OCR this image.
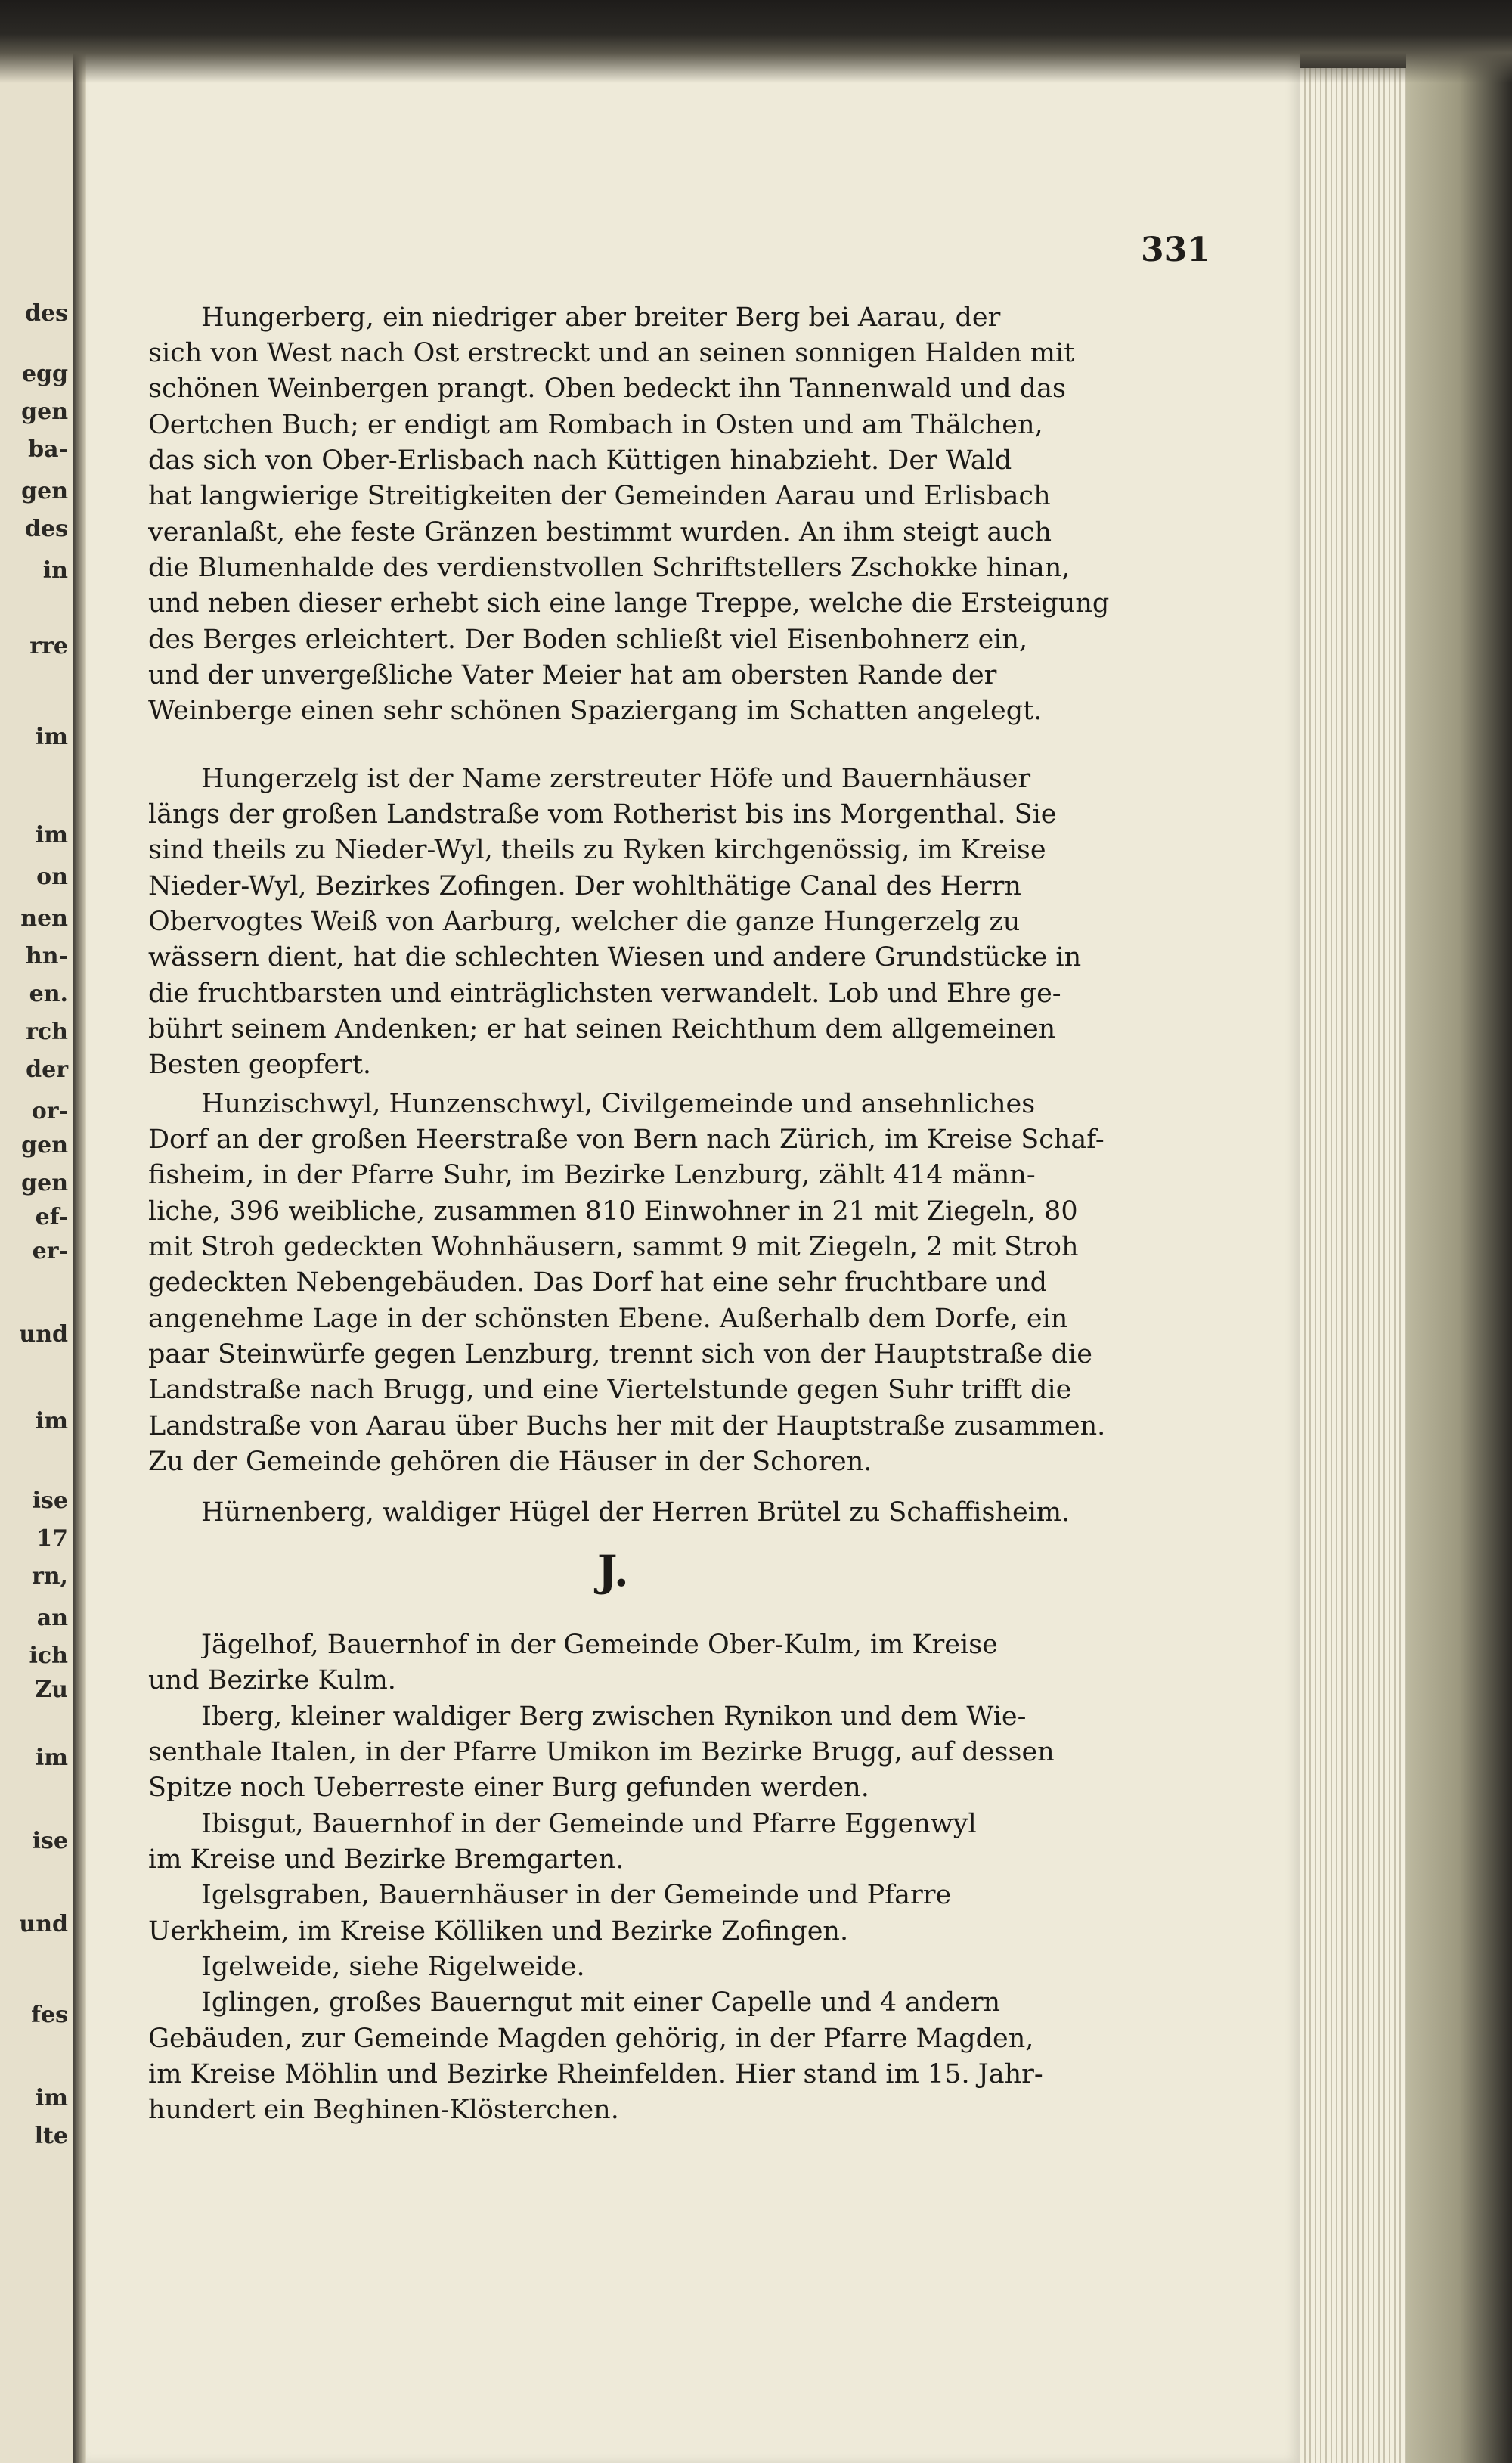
des
egg
gen
ba-
gen
des
in
rre
im
im
on
nen
hn-
en.
rch
der
or-
gen
gen
ef-
er-
und
im
ise
17
rn,
an
ich
Zu
im
ise
und
fes
im
lte
331
Hungerberg, ein niedriger aber breiter Berg bei Aarau, der
sich von West nach Ost erstreckt und an seinen sonnigen Halden mit
schönen Weinbergen prangt. Oben bedeckt ihn Tannenwald und das
Oertchen Buch; er endigt am Rombach in Osten und am Thälchen,
das sich von Ober-Erlisbach nach Küttigen hinabzieht. Der Wald
hat langwierige Streitigkeiten der Gemeinden Aarau und Erlisbach
veranlaßt, ehe feste Gränzen bestimmt wurden. An ihm steigt auch
die Blumenhalde des verdienstvollen Schriftstellers Zschokke hinan,
und neben dieser erhebt sich eine lange Treppe, welche die Ersteigung
des Berges erleichtert. Der Boden schließt viel Eisenbohnerz ein,
und der unvergeßliche Vater Meier hat am obersten Rande der
Weinberge einen sehr schönen Spaziergang im Schatten angelegt.
Hungerzelg ist der Name zerstreuter Höfe und Bauernhäuser
längs der großen Landstraße vom Rotherist bis ins Morgenthal. Sie
sind theils zu Nieder-Wyl, theils zu Ryken kirchgenössig, im Kreise
Nieder-Wyl, Bezirkes Zofingen. Der wohlthätige Canal des Herrn
Obervogtes Weiß von Aarburg, welcher die ganze Hungerzelg zu
wässern dient, hat die schlechten Wiesen und andere Grundstücke in
die fruchtbarsten und einträglichsten verwandelt. Lob und Ehre ge-
bührt seinem Andenken; er hat seinen Reichthum dem allgemeinen
Besten geopfert.
Hunzischwyl, Hunzenschwyl, Civilgemeinde und ansehnliches
Dorf an der großen Heerstraße von Bern nach Zürich, im Kreise Schaf-
fisheim, in der Pfarre Suhr, im Bezirke Lenzburg, zählt 414 männ-
liche, 396 weibliche, zusammen 810 Einwohner in 21 mit Ziegeln, 80
mit Stroh gedeckten Wohnhäusern, sammt 9 mit Ziegeln, 2 mit Stroh
gedeckten Nebengebäuden. Das Dorf hat eine sehr fruchtbare und
angenehme Lage in der schönsten Ebene. Außerhalb dem Dorfe, ein
paar Steinwürfe gegen Lenzburg, trennt sich von der Hauptstraße die
Landstraße nach Brugg, und eine Viertelstunde gegen Suhr trifft die
Landstraße von Aarau über Buchs her mit der Hauptstraße zusammen.
Zu der Gemeinde gehören die Häuser in der Schoren.
Hürnenberg, waldiger Hügel der Herren Brütel zu Schaffisheim.
Jägelhof, Bauernhof in der Gemeinde Ober-Kulm, im Kreise
und Bezirke Kulm.
Iberg, kleiner waldiger Berg zwischen Rynikon und dem Wie-
senthale Italen, in der Pfarre Umikon im Bezirke Brugg, auf dessen
Spitze noch Ueberreste einer Burg gefunden werden.
Ibisgut, Bauernhof in der Gemeinde und Pfarre Eggenwyl
im Kreise und Bezirke Bremgarten.
Igelsgraben, Bauernhäuser in der Gemeinde und Pfarre
Uerkheim, im Kreise Kölliken und Bezirke Zofingen.
Igelweide, siehe Rigelweide.
Iglingen, großes Bauerngut mit einer Capelle und 4 andern
Gebäuden, zur Gemeinde Magden gehörig, in der Pfarre Magden,
im Kreise Möhlin und Bezirke Rheinfelden. Hier stand im 15. Jahr-
hundert ein Beghinen-Klösterchen.
J.
